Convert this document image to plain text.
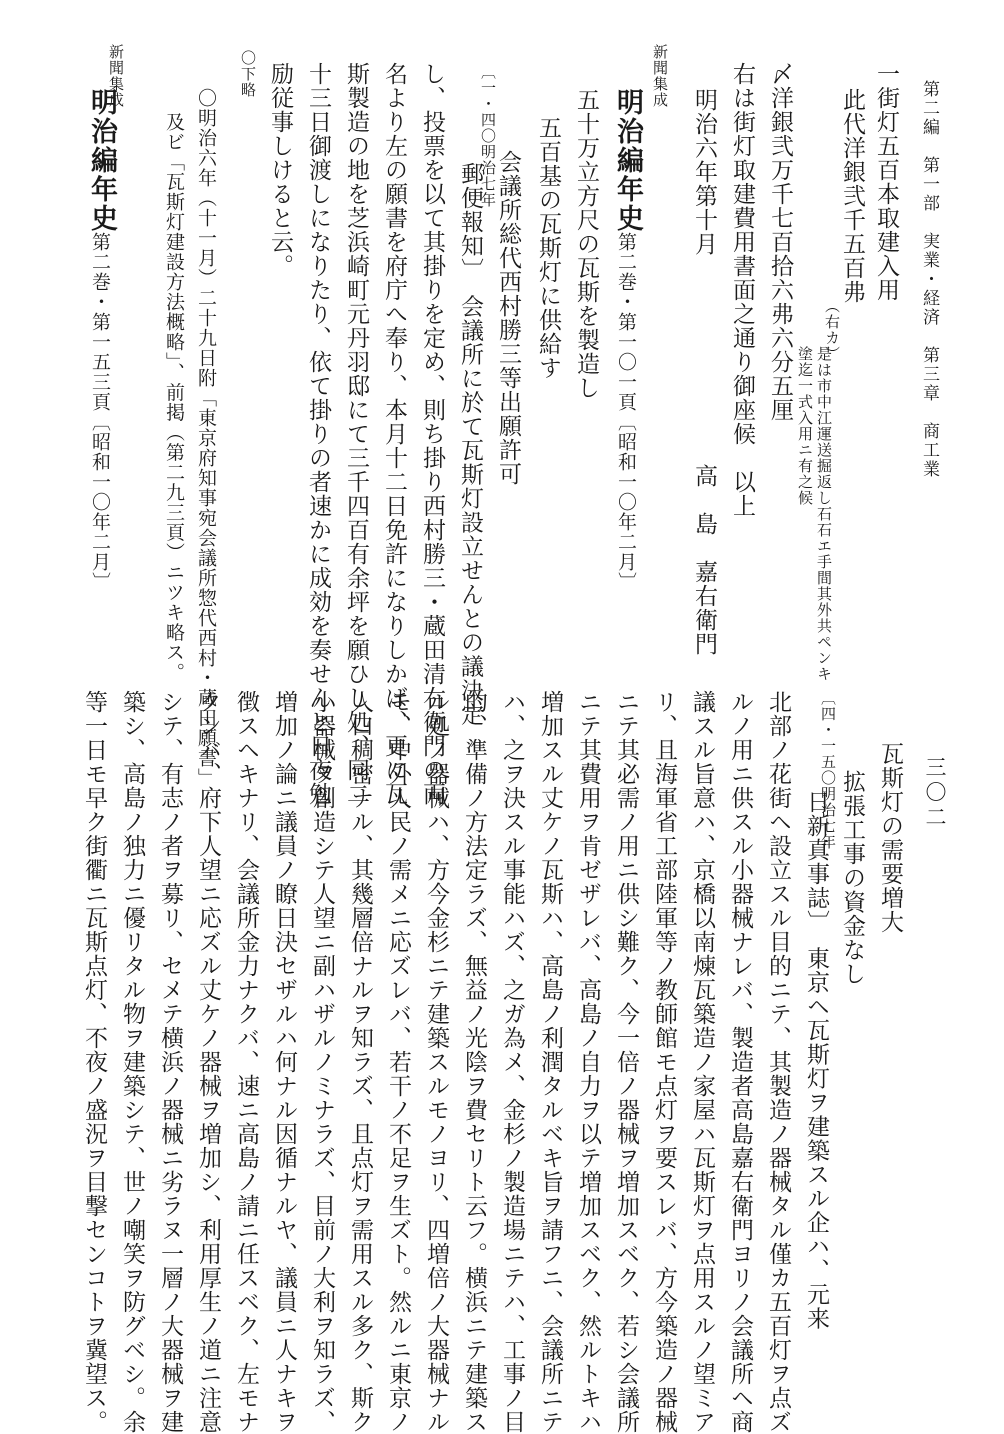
第二編　第一部　実業・経済　第三章　商工業
三〇二
一街灯五百本取建入用
此代洋銀弐千五百弗
（右カ）
是は市中江運送掘返し石石エ手間其外共ペンキ
塗迄一式入用ニ有之候
〆洋銀弐万千七百拾六弗六分五厘
右は街灯取建費用書面之通り御座候　以上
明治六年第十月
高　島　嘉右衛門
新聞集成
明治編年史
第二巻・第一〇一頁〔昭和一〇年二月〕
五十万立方尺の瓦斯を製造し
五百基の瓦斯灯に供給す
会議所総代西村勝三等出願許可
〔一・四〇明治七年
郵便報知〕　会議所に於て瓦斯灯設立せんとの議決定
し、投票を以て其掛りを定め、則ち掛り西村勝三・蔵田清右衛門の両
名より左の願書を府庁へ奉り、本月十二日免許になりしかば、更に瓦
斯製造の地を芝浜崎町元丹羽邸にて三千四百有余坪を願ひし処、同二
十三日御渡しになりたり、依て掛りの者速かに成効を奏せんと日夜勉
励従事しけると云。
〇下略
新聞集成
明治編年史
第二巻・第一五三頁〔昭和一〇年二月〕	〇明治六年（十一月）二十九日附「東京府知事宛会議所惣代西村・蔵田願書」
及ビ「瓦斯灯建設方法概略」、前掲（第二九三頁）ニツキ略ス。
瓦斯灯の需要増大
拡張工事の資金なし
〔四・一五〇明治七年
日新真事誌〕　東京ヘ瓦斯灯ヲ建築スル企ハ、元来
北部ノ花街ヘ設立スル目的ニテ、其製造ノ器械タル僅カ五百灯ヲ点ズ
ルノ用ニ供スル小器械ナレバ、製造者高島嘉右衛門ヨリノ会議所ヘ商
議スル旨意ハ、京橋以南煉瓦築造ノ家屋ハ瓦斯灯ヲ点用スルノ望ミア
リ、且海軍省工部陸軍等ノ教師館モ点灯ヲ要スレバ、方今築造ノ器械
ニテ其必需ノ用ニ供シ難ク、今一倍ノ器械ヲ増加スベク、若シ会議所
ニテ其費用ヲ肯ゼザレバ、高島ノ自力ヲ以テ増加スベク、然ルトキハ
増加スル丈ケノ瓦斯ハ、高島ノ利潤タルベキ旨ヲ請フニ、会議所ニテ
ハ、之ヲ決スル事能ハズ、之ガ為メ、金杉ノ製造場ニテハ、工事ノ目
的、準備ノ方法定ラズ、無益ノ光陰ヲ費セリト云フ。横浜ニテ建築ス
ル処ノ器械ハ、方今金杉ニテ建築スルモノヨリ、四増倍ノ大器械ナル
モ、中外人民ノ需メニ応ズレバ、若干ノ不足ヲ生ズト。然ルニ東京ノ
人口稠密ナル、其幾層倍ナルヲ知ラズ、且点灯ヲ需用スル多ク、斯ク
小器械ヲ創造シテ人望ニ副ハザルノミナラズ、目前ノ大利ヲ知ラズ、
増加ノ論ニ議員ノ瞭日決セザルハ何ナル因循ナルヤ、議員ニ人ナキヲ
徴スヘキナリ、会議所金力ナクバ、速ニ高島ノ請ニ任スベク、左モナ
クンバ、府下人望ニ応ズル丈ケノ器械ヲ増加シ、利用厚生ノ道ニ注意
シテ、有志ノ者ヲ募リ、セメテ横浜ノ器械ニ劣ラヌ一層ノ大器械ヲ建
築シ、高島ノ独力ニ優リタル物ヲ建築シテ、世ノ嘲笑ヲ防グベシ。余
等一日モ早ク街衢ニ瓦斯点灯、不夜ノ盛況ヲ目撃センコトヲ冀望ス。
